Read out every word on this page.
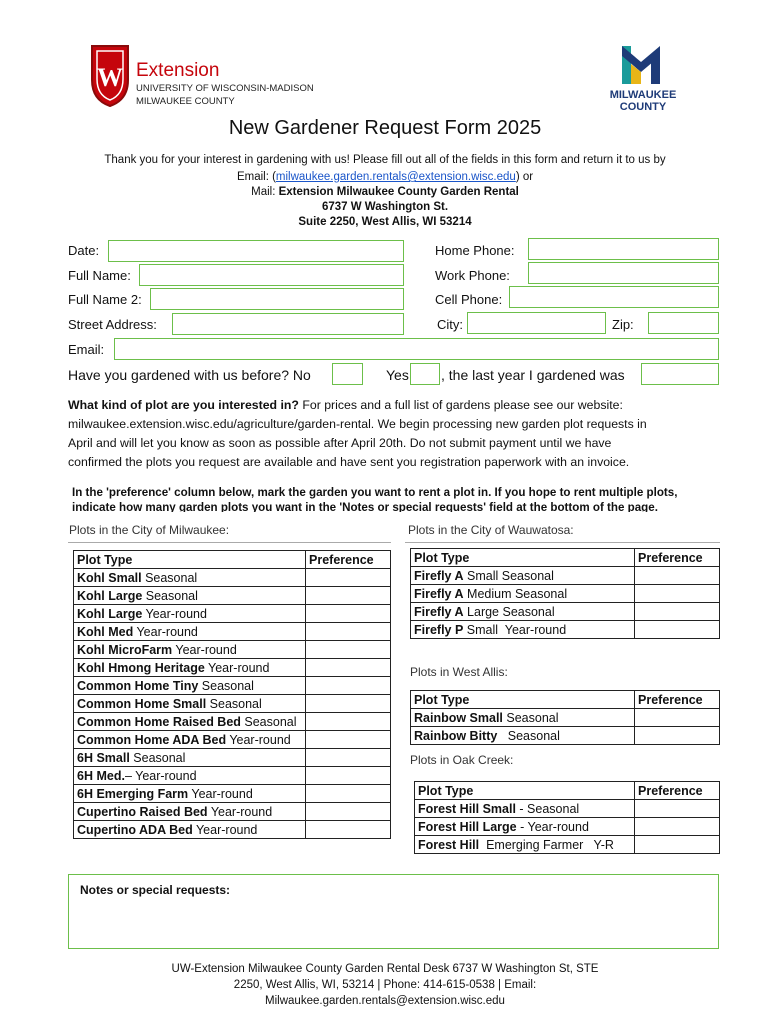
W Extension
UNIVERSITY OF WISCONSIN-MADISON
MILWAUKEE COUNTY
MILWAUKEE
COUNTY
New Gardener Request Form 2025
Thank you for your interest in gardening with us! Please fill out all of the fields in this form and return it to us by
Email: (milwaukee.garden.rentals@extension.wisc.edu) or
Mail: Extension Milwaukee County Garden Rental
6737 W Washington St.
Suite 2250, West Allis, WI 53214
Date:	Home Phone:
Full Name:	Work Phone:
Full Name 2:	Cell Phone:
Street Address:	City:	Zip:
Email:
Have you gardened with us before? No	Yes , the last year I gardened was
What kind of plot are you interested in? For prices and a full list of gardens please see our website:
milwaukee.extension.wisc.edu/agriculture/garden-rental. We begin processing new garden plot requests in
April and will let you know as soon as possible after April 20th. Do not submit payment until we have
confirmed the plots you request are available and have sent you registration paperwork with an invoice.
In the 'preference' column below, mark the garden you want to rent a plot in. If you hope to rent multiple plots,
indicate how many garden plots you want in the 'Notes or special requests' field at the bottom of the page.
Plots in the City of Milwaukee:
Plot Type	Preference
Kohl Small Seasonal	
Kohl Large Seasonal	
Kohl Large Year-round	
Kohl Med Year-round	
Kohl MicroFarm Year-round	
Kohl Hmong Heritage Year-round	
Common Home Tiny Seasonal	
Common Home Small Seasonal	
Common Home Raised Bed Seasonal	
Common Home ADA Bed Year-round	
6H Small Seasonal	
6H Med.– Year-round	
6H Emerging Farm Year-round	
Cupertino Raised Bed Year-round	
Cupertino ADA Bed Year-round	
Plots in the City of Wauwatosa:
Plot Type	Preference
Firefly A Small Seasonal	
Firefly A Medium Seasonal	
Firefly A Large Seasonal	
Firefly P Small  Year-round	
Plots in West Allis:
Plot Type	Preference
Rainbow Small Seasonal	
Rainbow Bitty   Seasonal	
Plots in Oak Creek:
Plot Type	Preference
Forest Hill Small - Seasonal	
Forest Hill Large - Year-round	
Forest Hill  Emerging Farmer   Y-R	
Notes or special requests:
UW-Extension Milwaukee County Garden Rental Desk 6737 W Washington St, STE
2250, West Allis, WI, 53214 | Phone: 414-615-0538 | Email:
Milwaukee.garden.rentals@extension.wisc.edu
